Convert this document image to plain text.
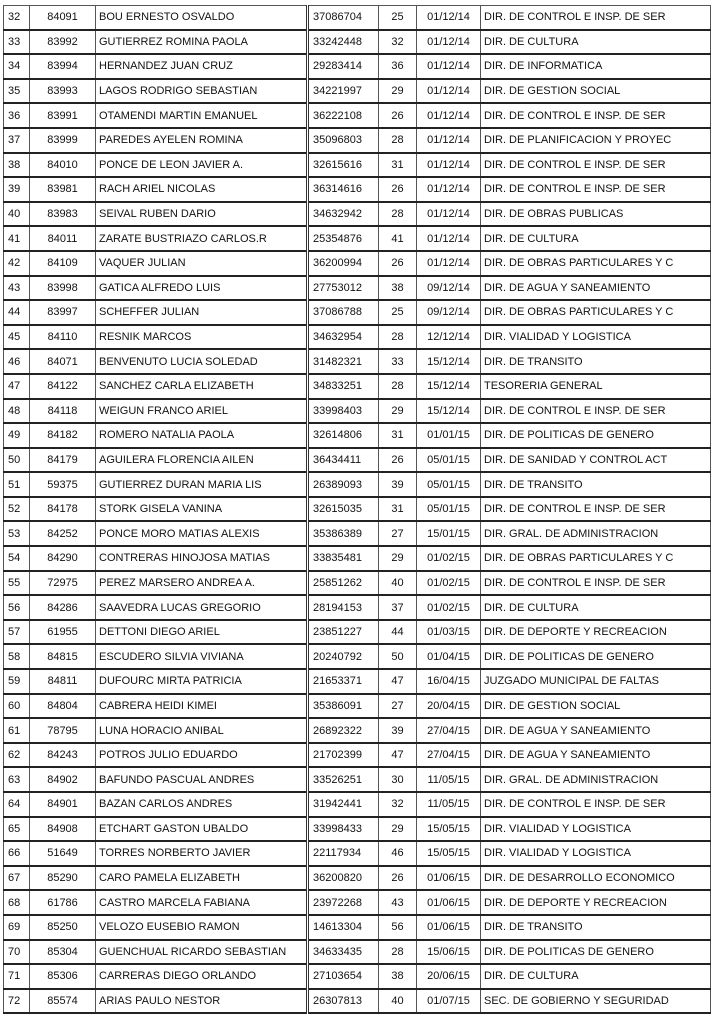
32	84091	BOU ERNESTO OSVALDO	37086704	25	01/12/14	DIR. DE CONTROL E INSP. DE SER
33	83992	GUTIERREZ ROMINA PAOLA	33242448	32	01/12/14	DIR. DE CULTURA
34	83994	HERNANDEZ JUAN CRUZ	29283414	36	01/12/14	DIR. DE INFORMATICA
35	83993	LAGOS RODRIGO SEBASTIAN	34221997	29	01/12/14	DIR. DE GESTION SOCIAL
36	83991	OTAMENDI MARTIN EMANUEL	36222108	26	01/12/14	DIR. DE CONTROL E INSP. DE SER
37	83999	PAREDES AYELEN ROMINA	35096803	28	01/12/14	DIR. DE PLANIFICACION Y PROYEC
38	84010	PONCE DE LEON JAVIER A.	32615616	31	01/12/14	DIR. DE CONTROL E INSP. DE SER
39	83981	RACH ARIEL NICOLAS	36314616	26	01/12/14	DIR. DE CONTROL E INSP. DE SER
40	83983	SEIVAL RUBEN DARIO	34632942	28	01/12/14	DIR. DE OBRAS PUBLICAS
41	84011	ZARATE BUSTRIAZO CARLOS.R	25354876	41	01/12/14	DIR. DE CULTURA
42	84109	VAQUER JULIAN	36200994	26	01/12/14	DIR. DE OBRAS PARTICULARES Y C
43	83998	GATICA ALFREDO LUIS	27753012	38	09/12/14	DIR. DE AGUA Y SANEAMIENTO
44	83997	SCHEFFER JULIAN	37086788	25	09/12/14	DIR. DE OBRAS PARTICULARES Y C
45	84110	RESNIK MARCOS	34632954	28	12/12/14	DIR. VIALIDAD Y LOGISTICA
46	84071	BENVENUTO LUCIA SOLEDAD	31482321	33	15/12/14	DIR. DE TRANSITO
47	84122	SANCHEZ CARLA ELIZABETH	34833251	28	15/12/14	TESORERIA GENERAL
48	84118	WEIGUN FRANCO ARIEL	33998403	29	15/12/14	DIR. DE CONTROL E INSP. DE SER
49	84182	ROMERO NATALIA PAOLA	32614806	31	01/01/15	DIR. DE POLITICAS DE GENERO
50	84179	AGUILERA FLORENCIA AILEN	36434411	26	05/01/15	DIR. DE SANIDAD Y CONTROL ACT
51	59375	GUTIERREZ DURAN MARIA LIS	26389093	39	05/01/15	DIR. DE TRANSITO
52	84178	STORK GISELA VANINA	32615035	31	05/01/15	DIR. DE CONTROL E INSP. DE SER
53	84252	PONCE MORO MATIAS ALEXIS	35386389	27	15/01/15	DIR. GRAL. DE ADMINISTRACION
54	84290	CONTRERAS HINOJOSA MATIAS	33835481	29	01/02/15	DIR. DE OBRAS PARTICULARES Y C
55	72975	PEREZ MARSERO ANDREA A.	25851262	40	01/02/15	DIR. DE CONTROL E INSP. DE SER
56	84286	SAAVEDRA LUCAS GREGORIO	28194153	37	01/02/15	DIR. DE CULTURA
57	61955	DETTONI DIEGO ARIEL	23851227	44	01/03/15	DIR. DE DEPORTE Y RECREACION
58	84815	ESCUDERO SILVIA VIVIANA	20240792	50	01/04/15	DIR. DE POLITICAS DE GENERO
59	84811	DUFOURC MIRTA PATRICIA	21653371	47	16/04/15	JUZGADO MUNICIPAL DE FALTAS
60	84804	CABRERA HEIDI KIMEI	35386091	27	20/04/15	DIR. DE GESTION SOCIAL
61	78795	LUNA HORACIO ANIBAL	26892322	39	27/04/15	DIR. DE AGUA Y SANEAMIENTO
62	84243	POTROS JULIO EDUARDO	21702399	47	27/04/15	DIR. DE AGUA Y SANEAMIENTO
63	84902	BAFUNDO PASCUAL ANDRES	33526251	30	11/05/15	DIR. GRAL. DE ADMINISTRACION
64	84901	BAZAN CARLOS ANDRES	31942441	32	11/05/15	DIR. DE CONTROL E INSP. DE SER
65	84908	ETCHART GASTON UBALDO	33998433	29	15/05/15	DIR. VIALIDAD Y LOGISTICA
66	51649	TORRES NORBERTO JAVIER	22117934	46	15/05/15	DIR. VIALIDAD Y LOGISTICA
67	85290	CARO PAMELA ELIZABETH	36200820	26	01/06/15	DIR. DE DESARROLLO ECONOMICO
68	61786	CASTRO MARCELA FABIANA	23972268	43	01/06/15	DIR. DE DEPORTE Y RECREACION
69	85250	VELOZO EUSEBIO RAMON	14613304	56	01/06/15	DIR. DE TRANSITO
70	85304	GUENCHUAL RICARDO SEBASTIAN	34633435	28	15/06/15	DIR. DE POLITICAS DE GENERO
71	85306	CARRERAS DIEGO ORLANDO	27103654	38	20/06/15	DIR. DE CULTURA
72	85574	ARIAS PAULO NESTOR	26307813	40	01/07/15	SEC. DE GOBIERNO Y SEGURIDAD
